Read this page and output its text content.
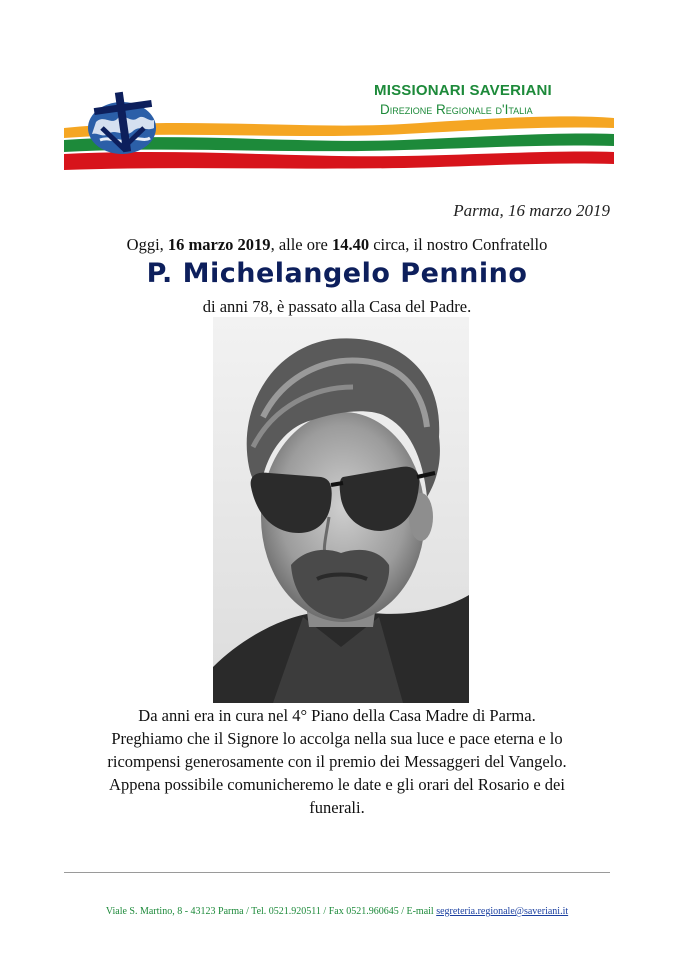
MISSIONARI SAVERIANI
Direzione Regionale d'Italia
Parma, 16 marzo 2019
Oggi, 16 marzo 2019, alle ore 14.40 circa, il nostro Confratello
P. Michelangelo Pennino
di anni 78, è passato alla Casa del Padre.
Da anni era in cura nel 4° Piano della Casa Madre di Parma.
Preghiamo che il Signore lo accolga nella sua luce e pace eterna e lo
ricompensi generosamente con il premio dei Messaggeri del Vangelo.
Appena possibile comunicheremo le date e gli orari del Rosario e dei
funerali.
Viale S. Martino, 8 - 43123 Parma / Tel. 0521.920511 / Fax 0521.960645 / E-mail segreteria.regionale@saveriani.it
